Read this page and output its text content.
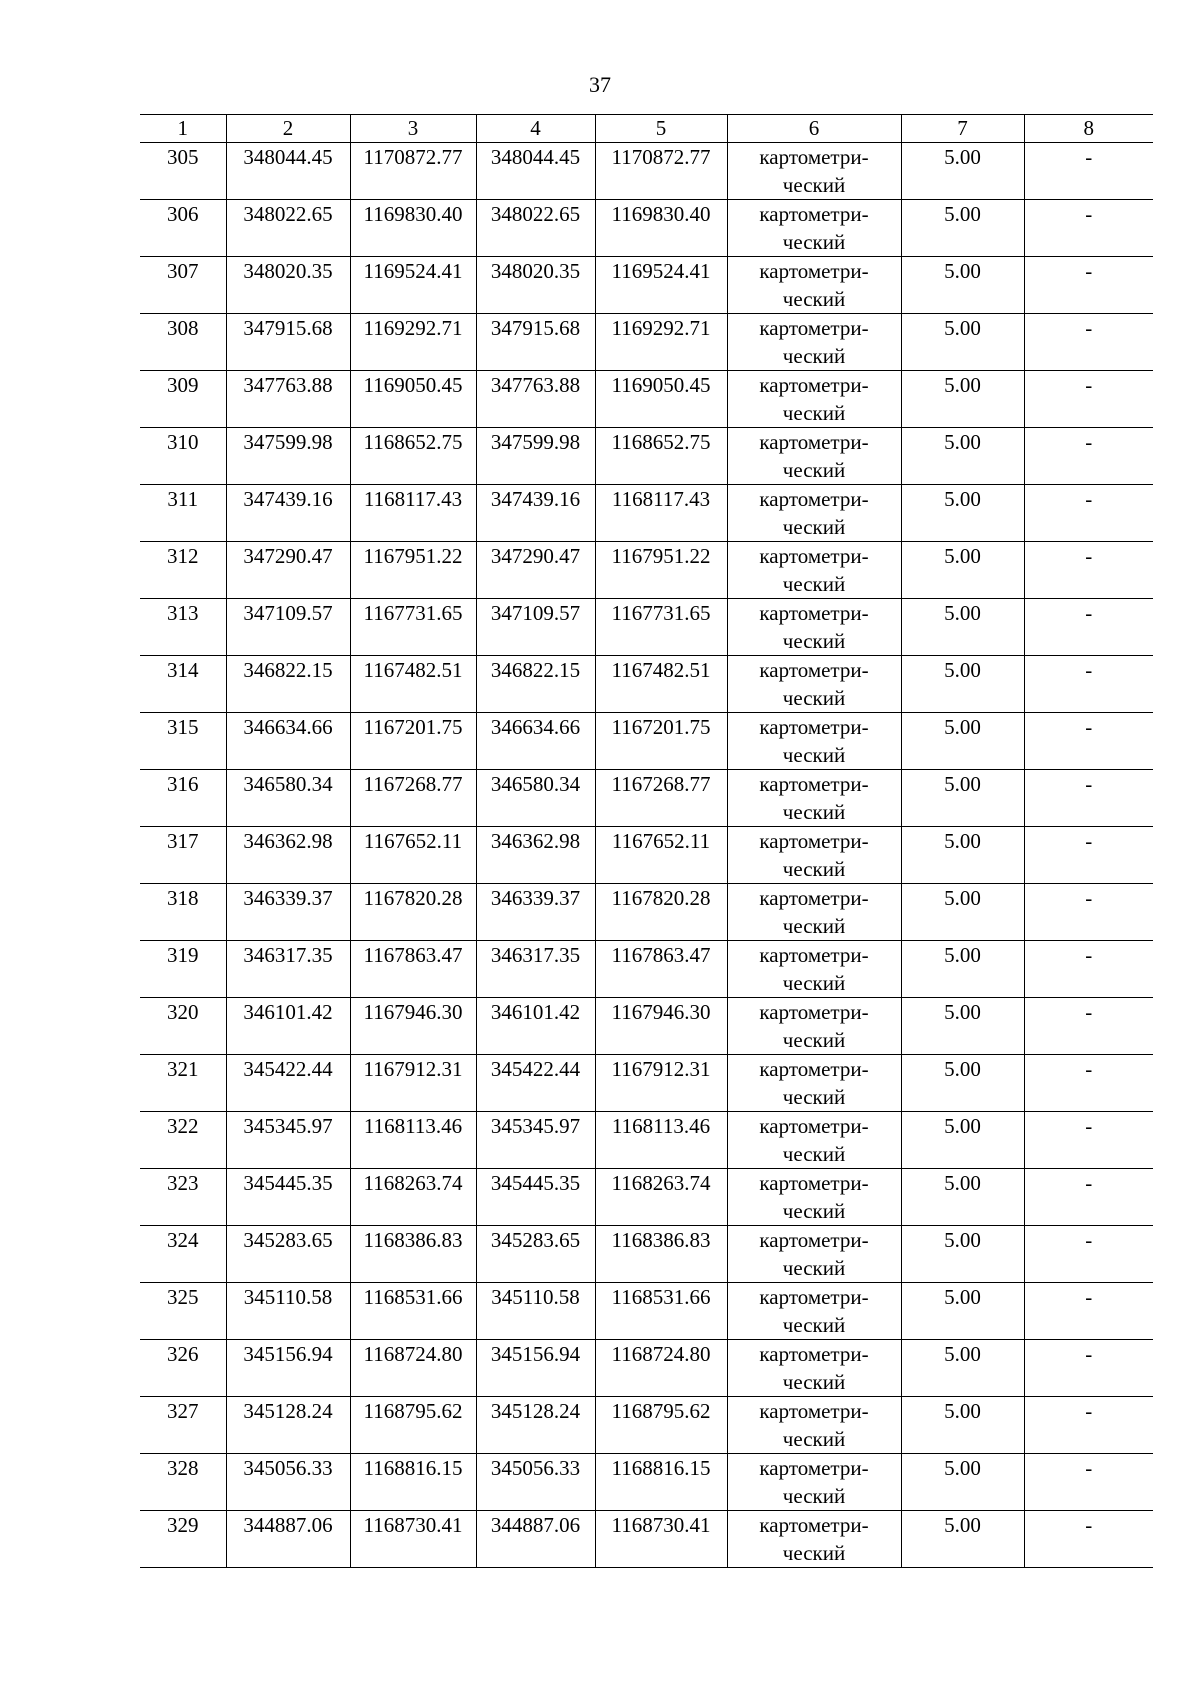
37
1	2	3	4	5	6	7	8
305	348044.45	1170872.77	348044.45	1170872.77	картометри-
ческий	5.00	-
306	348022.65	1169830.40	348022.65	1169830.40	картометри-
ческий	5.00	-
307	348020.35	1169524.41	348020.35	1169524.41	картометри-
ческий	5.00	-
308	347915.68	1169292.71	347915.68	1169292.71	картометри-
ческий	5.00	-
309	347763.88	1169050.45	347763.88	1169050.45	картометри-
ческий	5.00	-
310	347599.98	1168652.75	347599.98	1168652.75	картометри-
ческий	5.00	-
311	347439.16	1168117.43	347439.16	1168117.43	картометри-
ческий	5.00	-
312	347290.47	1167951.22	347290.47	1167951.22	картометри-
ческий	5.00	-
313	347109.57	1167731.65	347109.57	1167731.65	картометри-
ческий	5.00	-
314	346822.15	1167482.51	346822.15	1167482.51	картометри-
ческий	5.00	-
315	346634.66	1167201.75	346634.66	1167201.75	картометри-
ческий	5.00	-
316	346580.34	1167268.77	346580.34	1167268.77	картометри-
ческий	5.00	-
317	346362.98	1167652.11	346362.98	1167652.11	картометри-
ческий	5.00	-
318	346339.37	1167820.28	346339.37	1167820.28	картометри-
ческий	5.00	-
319	346317.35	1167863.47	346317.35	1167863.47	картометри-
ческий	5.00	-
320	346101.42	1167946.30	346101.42	1167946.30	картометри-
ческий	5.00	-
321	345422.44	1167912.31	345422.44	1167912.31	картометри-
ческий	5.00	-
322	345345.97	1168113.46	345345.97	1168113.46	картометри-
ческий	5.00	-
323	345445.35	1168263.74	345445.35	1168263.74	картометри-
ческий	5.00	-
324	345283.65	1168386.83	345283.65	1168386.83	картометри-
ческий	5.00	-
325	345110.58	1168531.66	345110.58	1168531.66	картометри-
ческий	5.00	-
326	345156.94	1168724.80	345156.94	1168724.80	картометри-
ческий	5.00	-
327	345128.24	1168795.62	345128.24	1168795.62	картометри-
ческий	5.00	-
328	345056.33	1168816.15	345056.33	1168816.15	картометри-
ческий	5.00	-
329	344887.06	1168730.41	344887.06	1168730.41	картометри-
ческий	5.00	-
